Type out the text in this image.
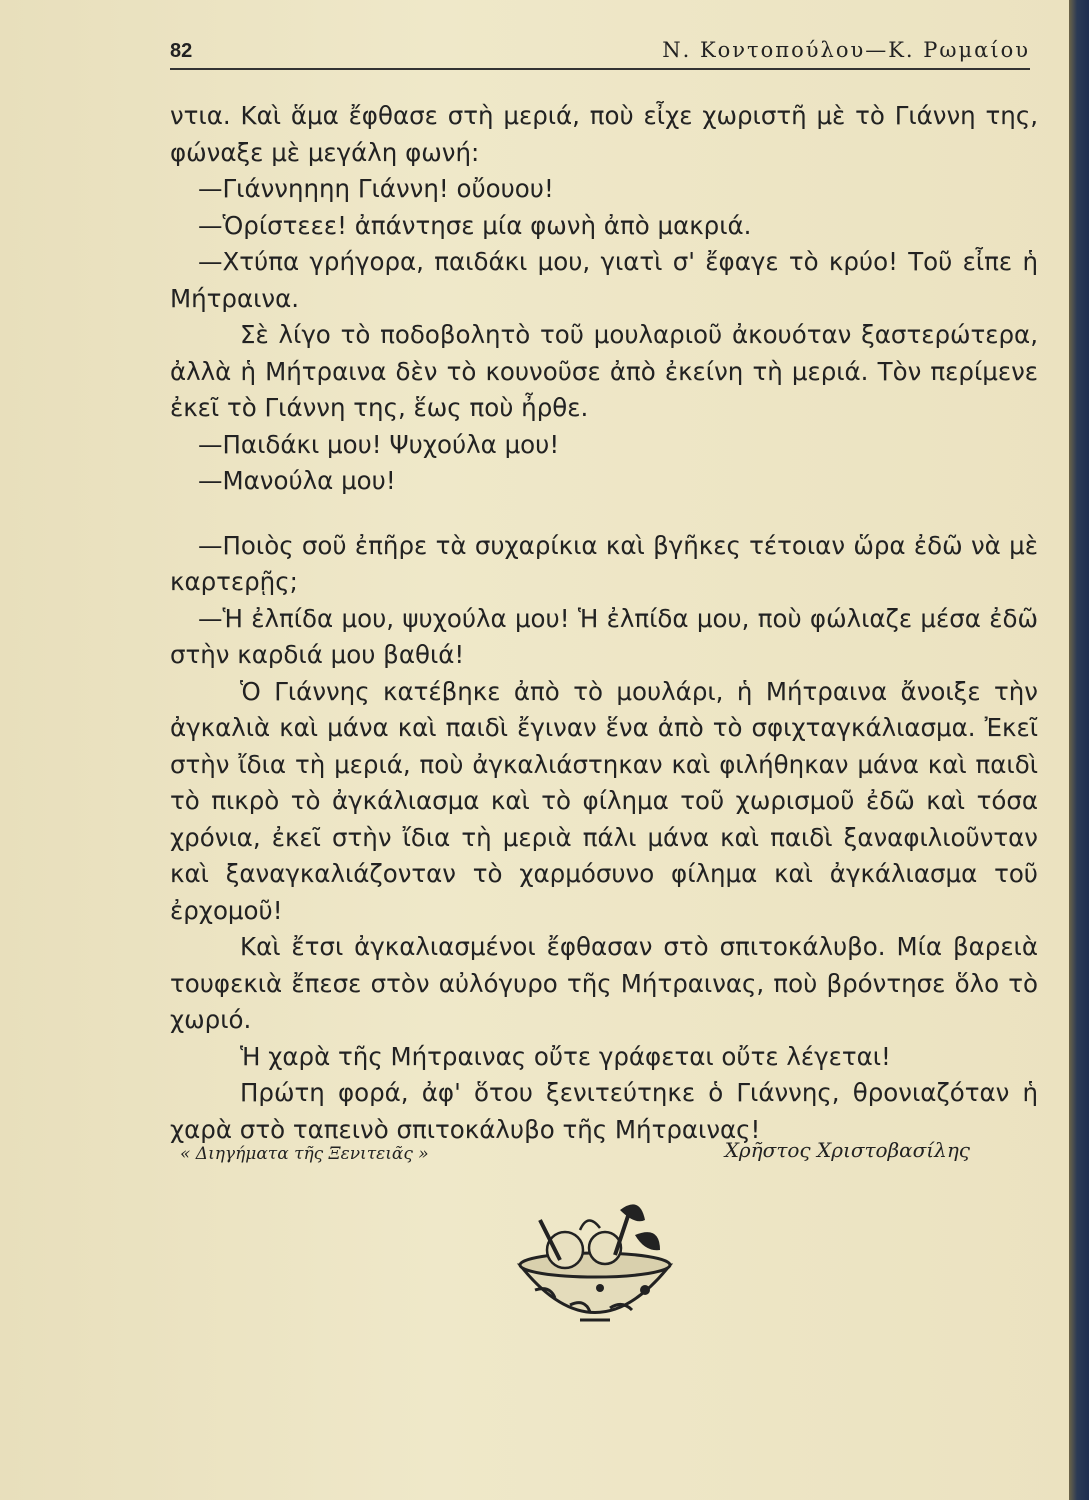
82	Ν. Κοντοπούλου—Κ. Ρωμαίου

ντια. Καὶ ἅμα ἔφθασε στὴ μεριά, ποὺ εἶχε χωριστῆ μὲ τὸ Γιάννη της, φώναξε μὲ μεγάλη φωνή:

—Γιάννηηηη Γιάννη! οὔουου!

—Ὁρίστεεε! ἀπάντησε μία φωνὴ ἀπὸ μακριά.

—Χτύπα γρήγορα, παιδάκι μου, γιατὶ σ' ἔφαγε τὸ κρύο! Τοῦ εἶπε ἡ Μήτραινα.

Σὲ λίγο τὸ ποδοβολητὸ τοῦ μουλαριοῦ ἀκουόταν ξαστερώτερα, ἀλλὰ ἡ Μήτραινα δὲν τὸ κουνοῦσε ἀπὸ ἐκείνη τὴ μεριά. Τὸν περίμενε ἐκεῖ τὸ Γιάννη της, ἕως ποὺ ἦρθε.

—Παιδάκι μου! Ψυχούλα μου!

—Μανούλα μου!

—Ποιὸς σοῦ ἐπῆρε τὰ συχαρίκια καὶ βγῆκες τέτοιαν ὥρα ἐδῶ νὰ μὲ καρτερῇς;

—Ἡ ἐλπίδα μου, ψυχούλα μου! Ἡ ἐλπίδα μου, ποὺ φώλιαζε μέσα ἐδῶ στὴν καρδιά μου βαθιά!

Ὁ Γιάννης κατέβηκε ἀπὸ τὸ μουλάρι, ἡ Μήτραινα ἄνοιξε τὴν ἀγκαλιὰ καὶ μάνα καὶ παιδὶ ἔγιναν ἕνα ἀπὸ τὸ σφιχταγκάλιασμα. Ἐκεῖ στὴν ἴδια τὴ μεριά, ποὺ ἀγκαλιάστηκαν καὶ φιλήθηκαν μάνα καὶ παιδὶ τὸ πικρὸ τὸ ἀγκάλιασμα καὶ τὸ φίλημα τοῦ χωρισμοῦ ἐδῶ καὶ τόσα χρόνια, ἐκεῖ στὴν ἴδια τὴ μεριὰ πάλι μάνα καὶ παιδὶ ξαναφιλιοῦνταν καὶ ξαναγκαλιάζονταν τὸ χαρμόσυνο φίλημα καὶ ἀγκάλιασμα τοῦ ἐρχομοῦ!

Καὶ ἔτσι ἀγκαλιασμένοι ἔφθασαν στὸ σπιτοκάλυβο. Μία βαρειὰ τουφεκιὰ ἔπεσε στὸν αὐλόγυρο τῆς Μήτραινας, ποὺ βρόντησε ὅλο τὸ χωριό.

Ἡ χαρὰ τῆς Μήτραινας οὔτε γράφεται οὔτε λέγεται!

Πρώτη φορά, ἀφ' ὅτου ξενιτεύτηκε ὁ Γιάννης, θρονιαζόταν ἡ χαρὰ στὸ ταπεινὸ σπιτοκάλυβο τῆς Μήτραινας!

« Διηγήματα τῆς Ξενιτειᾶς »	Χρῆστος Χριστοβασίλης
